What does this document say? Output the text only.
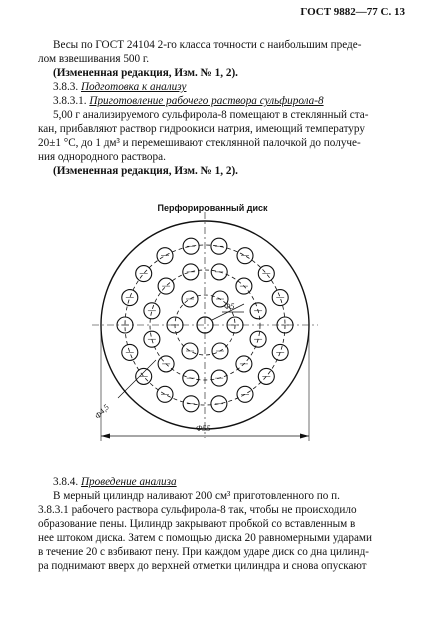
ГОСТ 9882—77 С. 13
Весы по ГОСТ 24104 2-го класса точности с наибольшим преде-
лом взвешивания 500 г.
(Измененная редакция, Изм. № 1, 2).
3.8.3. Подготовка к анализу
3.8.3.1. Приготовление рабочего раствора сульфирола-8
5,00 г анализируемого сульфирола-8 помещают в стеклянный ста-
кан, прибавляют раствор гидроокиси натрия, имеющий температуру
20±1 °С, до 1 дм³ и перемешивают стеклянной палочкой до получе-
ния однородного раствора.
(Измененная редакция, Изм. № 1, 2).
Перфорированный диск
Ф5
Ф4,5
Ф55
3.8.4. Проведение анализа
В мерный цилиндр наливают 200 см³ приготовленного по п.
3.8.3.1 рабочего раствора сульфирола-8 так, чтобы не происходило
образование пены. Цилиндр закрывают пробкой со вставленным в
нее штоком диска. Затем с помощью диска 20 равномерными ударами
в течение 20 с взбивают пену. При каждом ударе диск со дна цилинд-
ра поднимают вверх до верхней отметки цилиндра и снова опускают
